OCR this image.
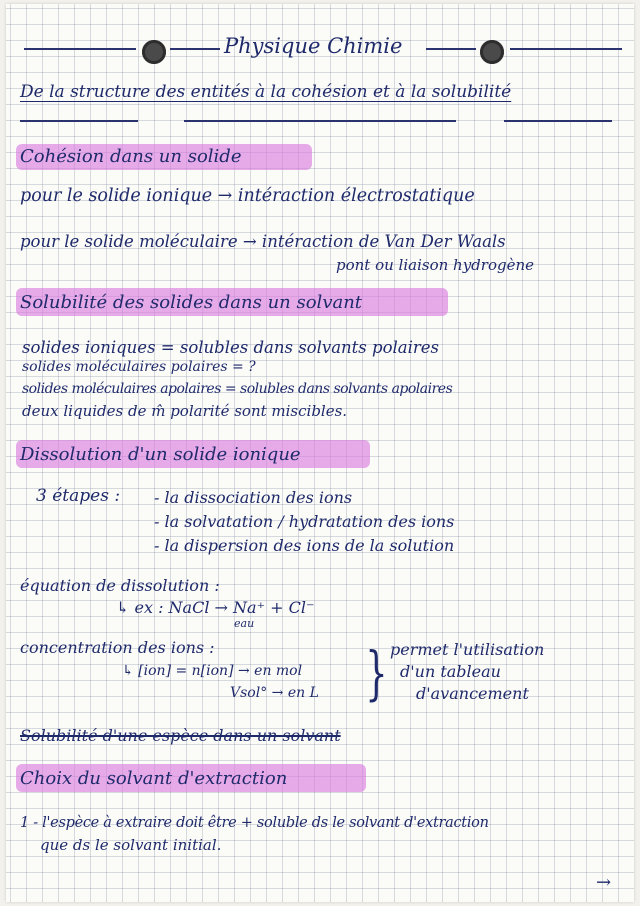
Physique Chimie
De la structure des entités à la cohésion et à la solubilité
Cohésion dans un solide
pour le solide ionique → intéraction électrostatique
pour le solide moléculaire → intéraction de Van Der Waals
pont ou liaison hydrogène
Solubilité des solides dans un solvant
solides ioniques = solubles dans solvants polaires
solides moléculaires polaires = ?
solides moléculaires apolaires = solubles dans solvants apolaires
deux liquides de m̂ polarité sont miscibles.
Dissolution d'un solide ionique
3 étapes : - la dissociation des ions
- la solvatation / hydratation des ions
- la dispersion des ions de la solution
équation de dissolution :
↳ ex : NaCl → Na⁺ + Cl⁻
eau
concentration des ions :
↳ [ion] = n[ion] → en mol
Vsol° → en L } permet l'utilisation
d'un tableau
d'avancement
Solubilité d'une espèce dans un solvant
Choix du solvant d'extraction
1 - l'espèce à extraire doit être + soluble ds le solvant d'extraction
que ds le solvant initial.
→
